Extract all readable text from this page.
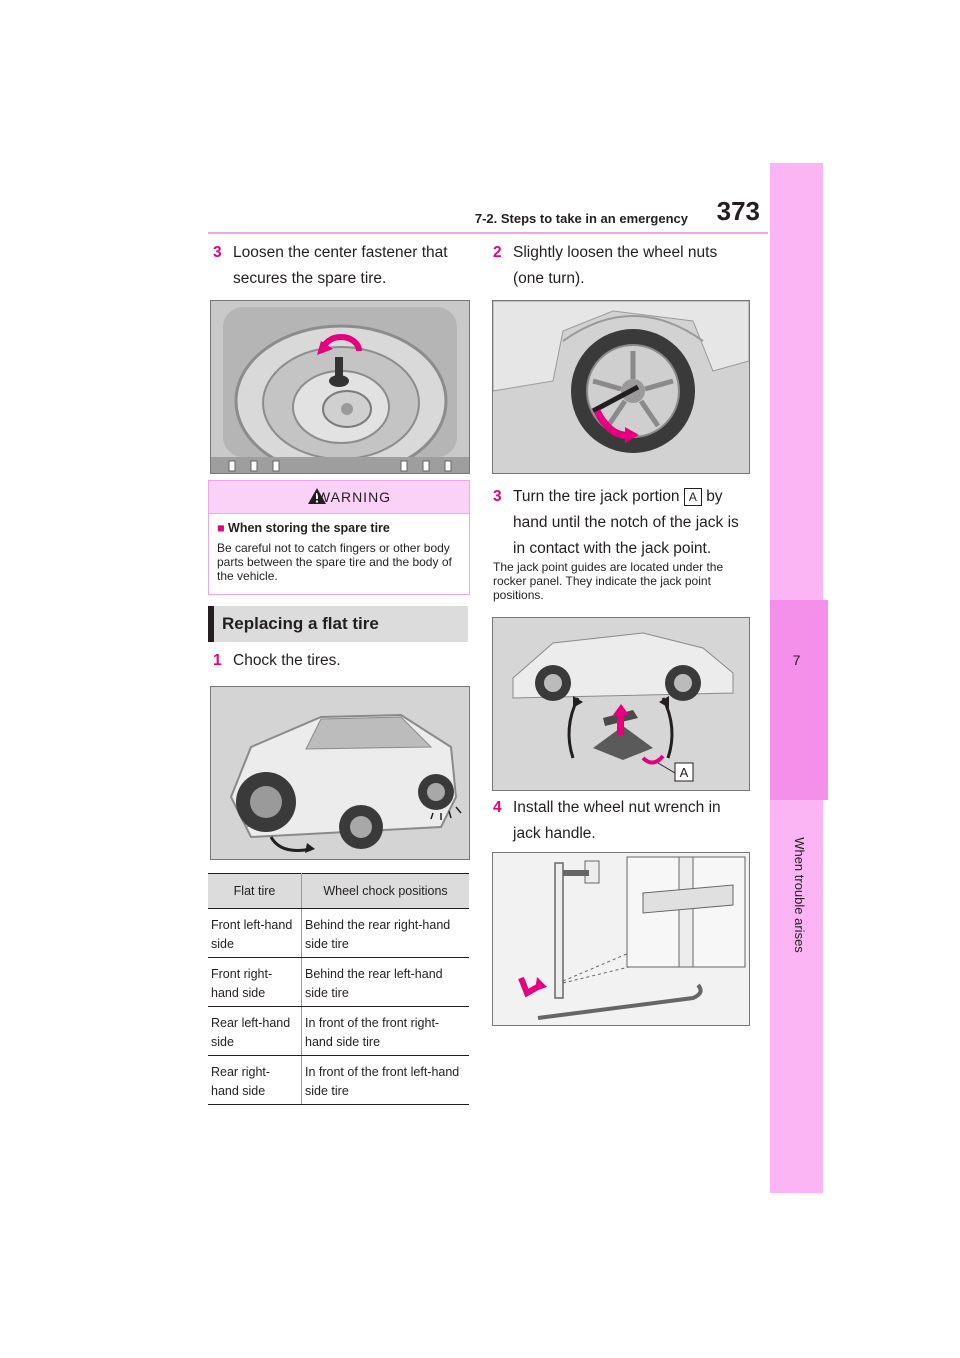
7-2. Steps to take in an emergency	373
7
When trouble arises
3 Loosen the center fastener that secures the spare tire.
WARNING
■ When storing the spare tire
Be careful not to catch fingers or other body parts between the spare tire and the body of the vehicle.
Replacing a flat tire
1 Chock the tires.
Flat tire	Wheel chock positions
Front left-hand side	Behind the rear right-hand side tire
Front right-hand side	Behind the rear left-hand side tire
Rear left-hand side	In front of the front right-hand side tire
Rear right-hand side	In front of the front left-hand side tire
2 Slightly loosen the wheel nuts (one turn).
3 Turn the tire jack portion A by hand until the notch of the jack is in contact with the jack point.
The jack point guides are located under the rocker panel. They indicate the jack point positions.
A
4 Install the wheel nut wrench in jack handle.
